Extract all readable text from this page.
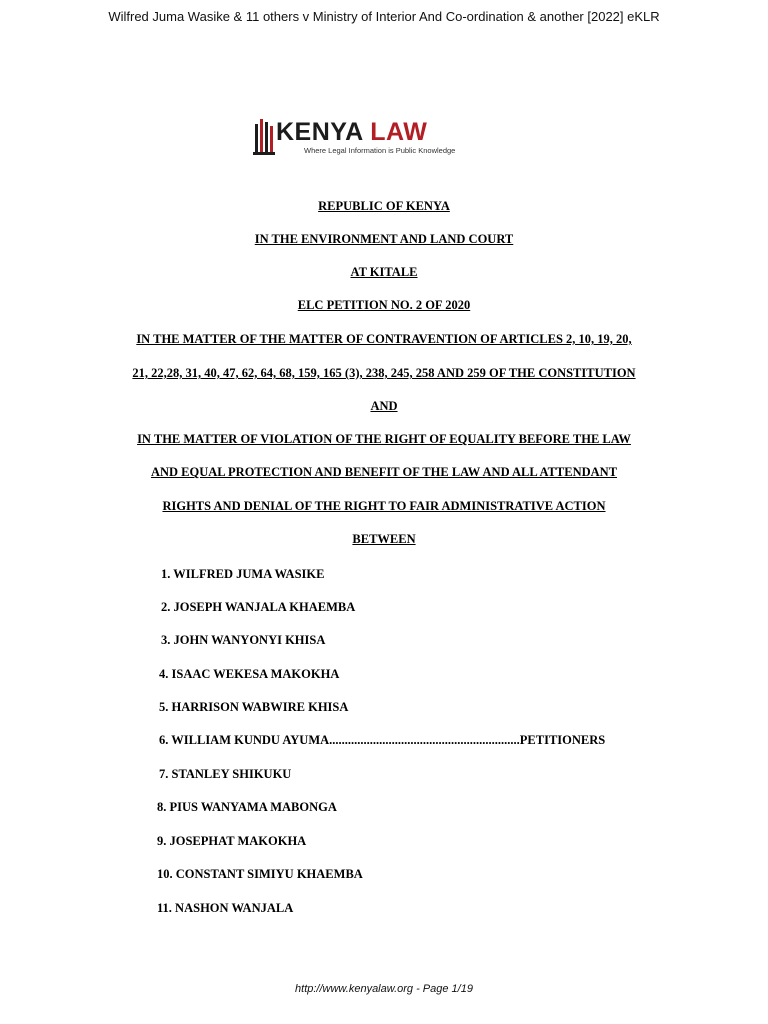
Wilfred Juma Wasike & 11 others v Ministry of Interior And Co-ordination & another [2022] eKLR
KENYA LAW
Where Legal Information is Public Knowledge
REPUBLIC OF KENYA
IN THE ENVIRONMENT AND LAND COURT
AT KITALE
ELC PETITION NO. 2 OF 2020
IN THE MATTER OF THE MATTER OF CONTRAVENTION OF ARTICLES 2, 10, 19, 20,
21, 22,28, 31, 40, 47, 62, 64, 68, 159, 165 (3), 238, 245, 258 AND 259 OF THE CONSTITUTION
AND
IN THE MATTER OF VIOLATION OF THE RIGHT OF EQUALITY BEFORE THE LAW
AND EQUAL PROTECTION AND BENEFIT OF THE LAW AND ALL ATTENDANT
RIGHTS AND DENIAL OF THE RIGHT TO FAIR ADMINISTRATIVE ACTION
BETWEEN
1. WILFRED JUMA WASIKE
2. JOSEPH WANJALA KHAEMBA
3. JOHN WANYONYI KHISA
4. ISAAC WEKESA MAKOKHA
5. HARRISON WABWIRE KHISA
6. WILLIAM KUNDU AYUMA.............................................................PETITIONERS
7. STANLEY SHIKUKU
8. PIUS WANYAMA MABONGA
9. JOSEPHAT MAKOKHA
10. CONSTANT SIMIYU KHAEMBA
11. NASHON WANJALA
http://www.kenyalaw.org - Page 1/19
